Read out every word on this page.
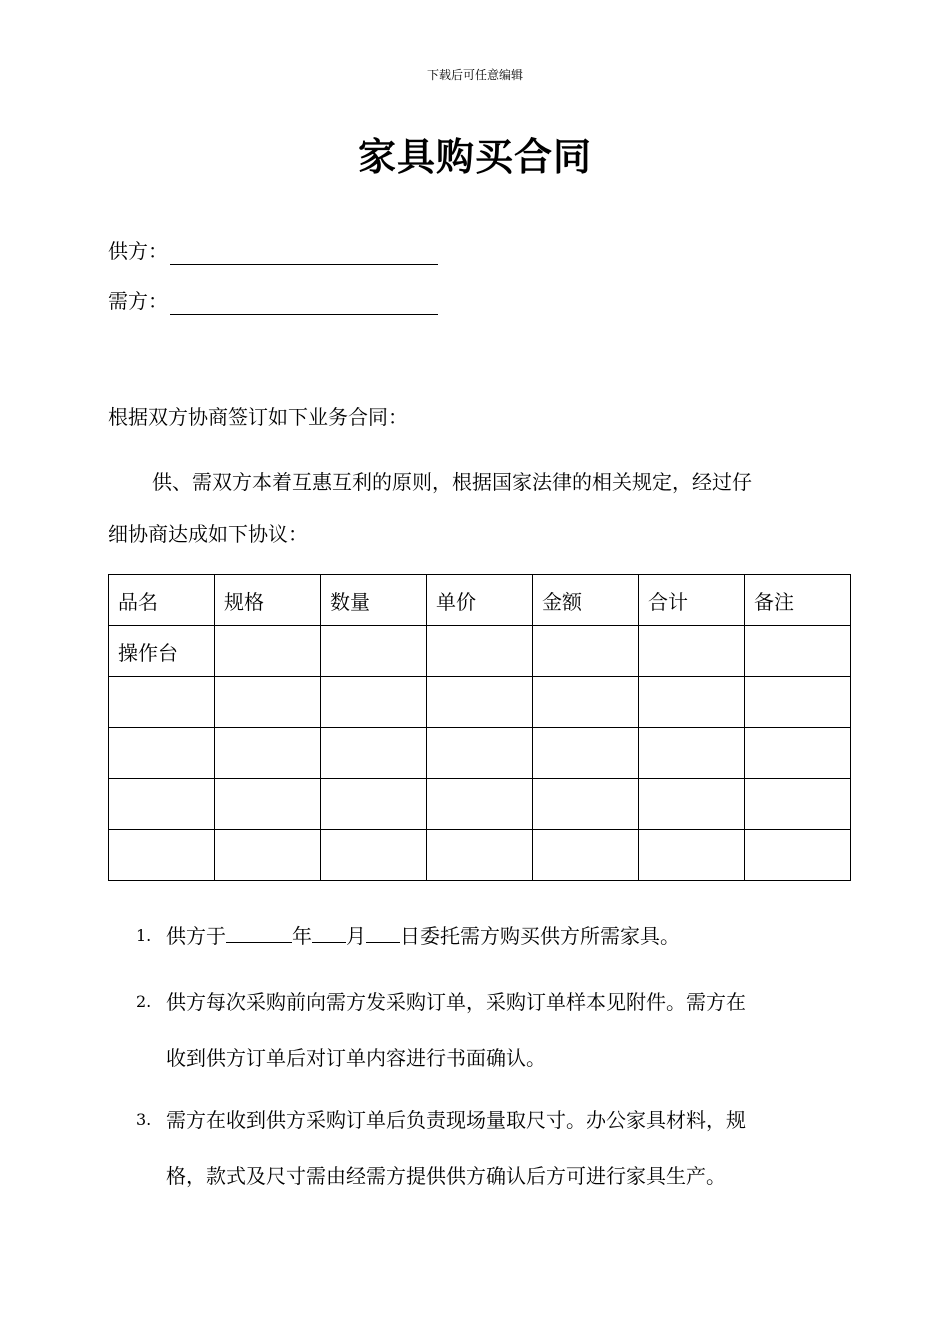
下载后可任意编辑
家具购买合同
供方：
需方：
根据双方协商签订如下业务合同：
供、需双方本着互惠互利的原则，根据国家法律的相关规定，经过仔
细协商达成如下协议：
品名	规格	数量	单价	金额	合计	备注
操作台						

1. 供方于	年 月 日委托需方购买供方所需家具。
2. 供方每次采购前向需方发采购订单，采购订单样本见附件。需方在
收到供方订单后对订单内容进行书面确认。
3. 需方在收到供方采购订单后负责现场量取尺寸。办公家具材料，规
格，款式及尺寸需由经需方提供供方确认后方可进行家具生产。
